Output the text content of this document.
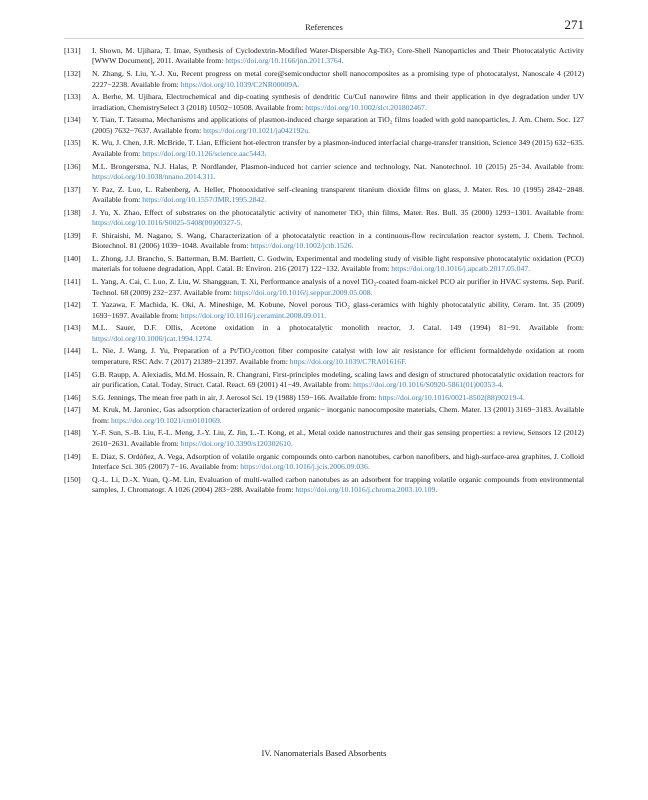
References	271
[131] I. Shown, M. Ujihara, T. Imae, Synthesis of Cyclodextrin-Modified Water-Dispersible Ag-TiO₂ Core-Shell Nanoparticles and Their Photocatalytic Activity [WWW Document], 2011. Available from: https://doi.org/10.1166/jnn.2011.3764.
[132] N. Zhang, S. Liu, Y.-J. Xu, Recent progress on metal core@semiconductor shell nanocomposites as a promising type of photocatalyst, Nanoscale 4 (2012) 2227−2238. Available from: https://doi.org/10.1039/C2NR00009A.
[133] A. Berhe, M. Ujihara, Electrochemical and dip-coating synthesis of dendritic Cu/CuI nanowire films and their application in dye degradation under UV irradiation, ChemistrySelect 3 (2018) 10502−10508. Available from: https://doi.org/10.1002/slct.201802467.
[134] Y. Tian, T. Tatsuma, Mechanisms and applications of plasmon-induced charge separation at TiO₂ films loaded with gold nanoparticles, J. Am. Chem. Soc. 127 (2005) 7632−7637. Available from: https://doi.org/10.1021/ja042192u.
[135] K. Wu, J. Chen, J.R. McBride, T. Lian, Efficient hot-electron transfer by a plasmon-induced interfacial charge-transfer transition, Science 349 (2015) 632−635. Available from: https://doi.org/10.1126/science.aac5443.
[136] M.L. Brongersma, N.J. Halas, P. Nordlander, Plasmon-induced hot carrier science and technology, Nat. Nanotechnol. 10 (2015) 25−34. Available from: https://doi.org/10.1038/nnano.2014.311.
[137] Y. Paz, Z. Luo, L. Rabenberg, A. Heller, Photooxidative self-cleaning transparent titanium dioxide films on glass, J. Mater. Res. 10 (1995) 2842−2848. Available from: https://doi.org/10.1557/JMR.1995.2842.
[138] J. Yu, X. Zhao, Effect of substrates on the photocatalytic activity of nanometer TiO₂ thin films, Mater. Res. Bull. 35 (2000) 1293−1301. Available from: https://doi.org/10.1016/S0025-5408(00)00327-5.
[139] F. Shiraishi, M. Nagano, S. Wang, Characterization of a photocatalytic reaction in a continuous-flow recirculation reactor system, J. Chem. Technol. Biotechnol. 81 (2006) 1039−1048. Available from: https://doi.org/10.1002/jctb.1526.
[140] L. Zhong, J.J. Brancho, S. Batterman, B.M. Bartlett, C. Godwin, Experimental and modeling study of visible light responsive photocatalytic oxidation (PCO) materials for toluene degradation, Appl. Catal. B: Environ. 216 (2017) 122−132. Available from: https://doi.org/10.1016/j.apcatb.2017.05.047.
[141] L. Yang, A. Cai, C. Luo, Z. Liu, W. Shangguan, T. Xi, Performance analysis of a novel TiO₂-coated foam-nickel PCO air purifier in HVAC systems, Sep. Purif. Technol. 68 (2009) 232−237. Available from: https://doi.org/10.1016/j.seppur.2009.05.008.
[142] T. Yazawa, F. Machida, K. Oki, A. Mineshige, M. Kobune, Novel porous TiO₂ glass-ceramics with highly photocatalytic ability, Ceram. Int. 35 (2009) 1693−1697. Available from: https://doi.org/10.1016/j.ceramint.2008.09.011.
[143] M.L. Sauer, D.F. Ollis, Acetone oxidation in a photocatalytic monolith reactor, J. Catal. 149 (1994) 81−91. Available from: https://doi.org/10.1006/jcat.1994.1274.
[144] L. Nie, J. Wang, J. Yu, Preparation of a Pt/TiO₂/cotton fiber composite catalyst with low air resistance for efficient formaldehyde oxidation at room temperature, RSC Adv. 7 (2017) 21389−21397. Available from: https://doi.org/10.1039/C7RA01616F.
[145] G.B. Raupp, A. Alexiadis, Md.M. Hossain, R. Changrani, First-principles modeling, scaling laws and design of structured photocatalytic oxidation reactors for air purification, Catal. Today, Struct. Catal. React. 69 (2001) 41−49. Available from: https://doi.org/10.1016/S0920-5861(01)00353-4.
[146] S.G. Jennings, The mean free path in air, J. Aerosol Sci. 19 (1988) 159−166. Available from: https://doi.org/10.1016/0021-8502(88)90219-4.
[147] M. Kruk, M. Jaroniec, Gas adsorption characterization of ordered organic− inorganic nanocomposite materials, Chem. Mater. 13 (2001) 3169−3183. Available from: https://doi.org/10.1021/cm0101069.
[148] Y.-F. Sun, S.-B. Liu, F.-L. Meng, J.-Y. Liu, Z. Jin, L.-T. Kong, et al., Metal oxide nanostructures and their gas sensing properties: a review, Sensors 12 (2012) 2610−2631. Available from: https://doi.org/10.3390/s120302610.
[149] E. Díaz, S. Ordóñez, A. Vega, Adsorption of volatile organic compounds onto carbon nanotubes, carbon nanofibers, and high-surface-area graphites, J. Colloid Interface Sci. 305 (2007) 7−16. Available from: https://doi.org/10.1016/j.jcis.2006.09.036.
[150] Q.-L. Li, D.-X. Yuan, Q.-M. Lin, Evaluation of multi-walled carbon nanotubes as an adsorbent for trapping volatile organic compounds from environmental samples, J. Chromatogr. A 1026 (2004) 283−288. Available from: https://doi.org/10.1016/j.chroma.2003.10.109.
IV. Nanomaterials Based Absorbents
